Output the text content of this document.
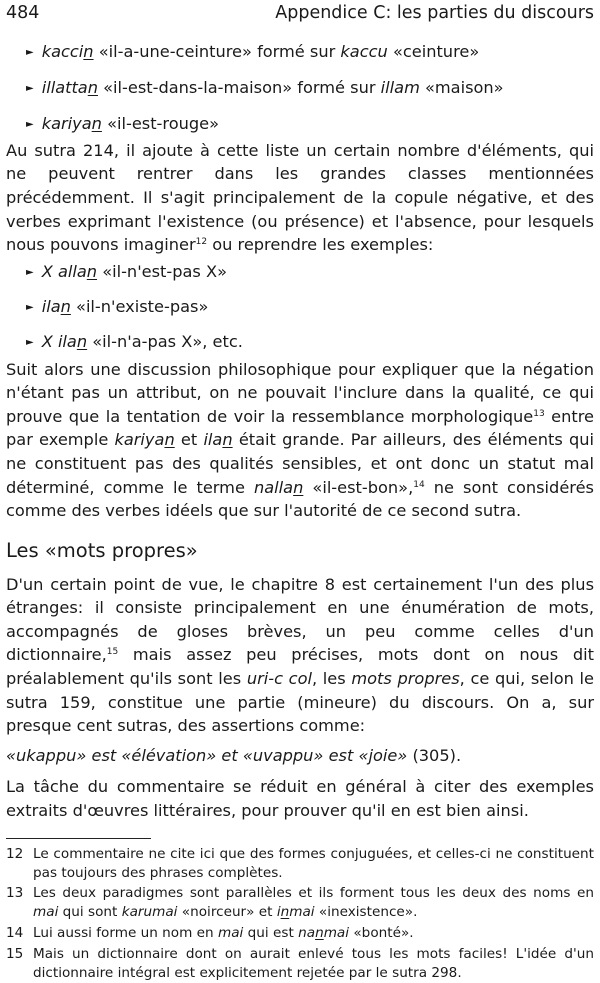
484	Appendice C: les parties du discours
► kaccin «il-a-une-ceinture» formé sur kaccu «ceinture»
► illattan «il-est-dans-la-maison» formé sur illam «maison»
► kariyan «il-est-rouge»

Au sutra 214, il ajoute à cette liste un certain nombre d'éléments, qui ne peuvent rentrer dans les grandes classes mentionnées précédemment. Il s'agit principalement de la copule négative, et des verbes exprimant l'existence (ou présence) et l'absence, pour lesquels nous pouvons imaginer$^{12}$ ou reprendre les exemples:

► X allan «il-n'est-pas X»
► ilan «il-n'existe-pas»
► X ilan «il-n'a-pas X», etc.

Suit alors une discussion philosophique pour expliquer que la négation n'étant pas un attribut, on ne pouvait l'inclure dans la qualité, ce qui prouve que la tentation de voir la ressemblance morphologique$^{13}$ entre par exemple kariyan et ilan était grande. Par ailleurs, des éléments qui ne constituent pas des qualités sensibles, et ont donc un statut mal déterminé, comme le terme nallan «il-est-bon»,$^{14}$ ne sont considérés comme des verbes idéels que sur l'autorité de ce second sutra.

Les «mots propres»

D'un certain point de vue, le chapitre 8 est certainement l'un des plus étranges: il consiste principalement en une énumération de mots, accompagnés de gloses brèves, un peu comme celles d'un dictionnaire,$^{15}$ mais assez peu précises, mots dont on nous dit préalablement qu'ils sont les uri-c col, les mots propres, ce qui, selon le sutra 159, constitue une partie (mineure) du discours. On a, sur presque cent sutras, des assertions comme:

«ukappu» est «élévation» et «uvappu» est «joie» (305).

La tâche du commentaire se réduit en général à citer des exemples extraits d'œuvres littéraires, pour prouver qu'il en est bien ainsi.

12 Le commentaire ne cite ici que des formes conjuguées, et celles-ci ne constituent pas toujours des phrases complètes.
13 Les deux paradigmes sont parallèles et ils forment tous les deux des noms en mai qui sont karumai «noirceur» et inmai «inexistence».
14 Lui aussi forme un nom en mai qui est nanmai «bonté».
15 Mais un dictionnaire dont on aurait enlevé tous les mots faciles! L'idée d'un dictionnaire intégral est explicitement rejetée par le sutra 298.
